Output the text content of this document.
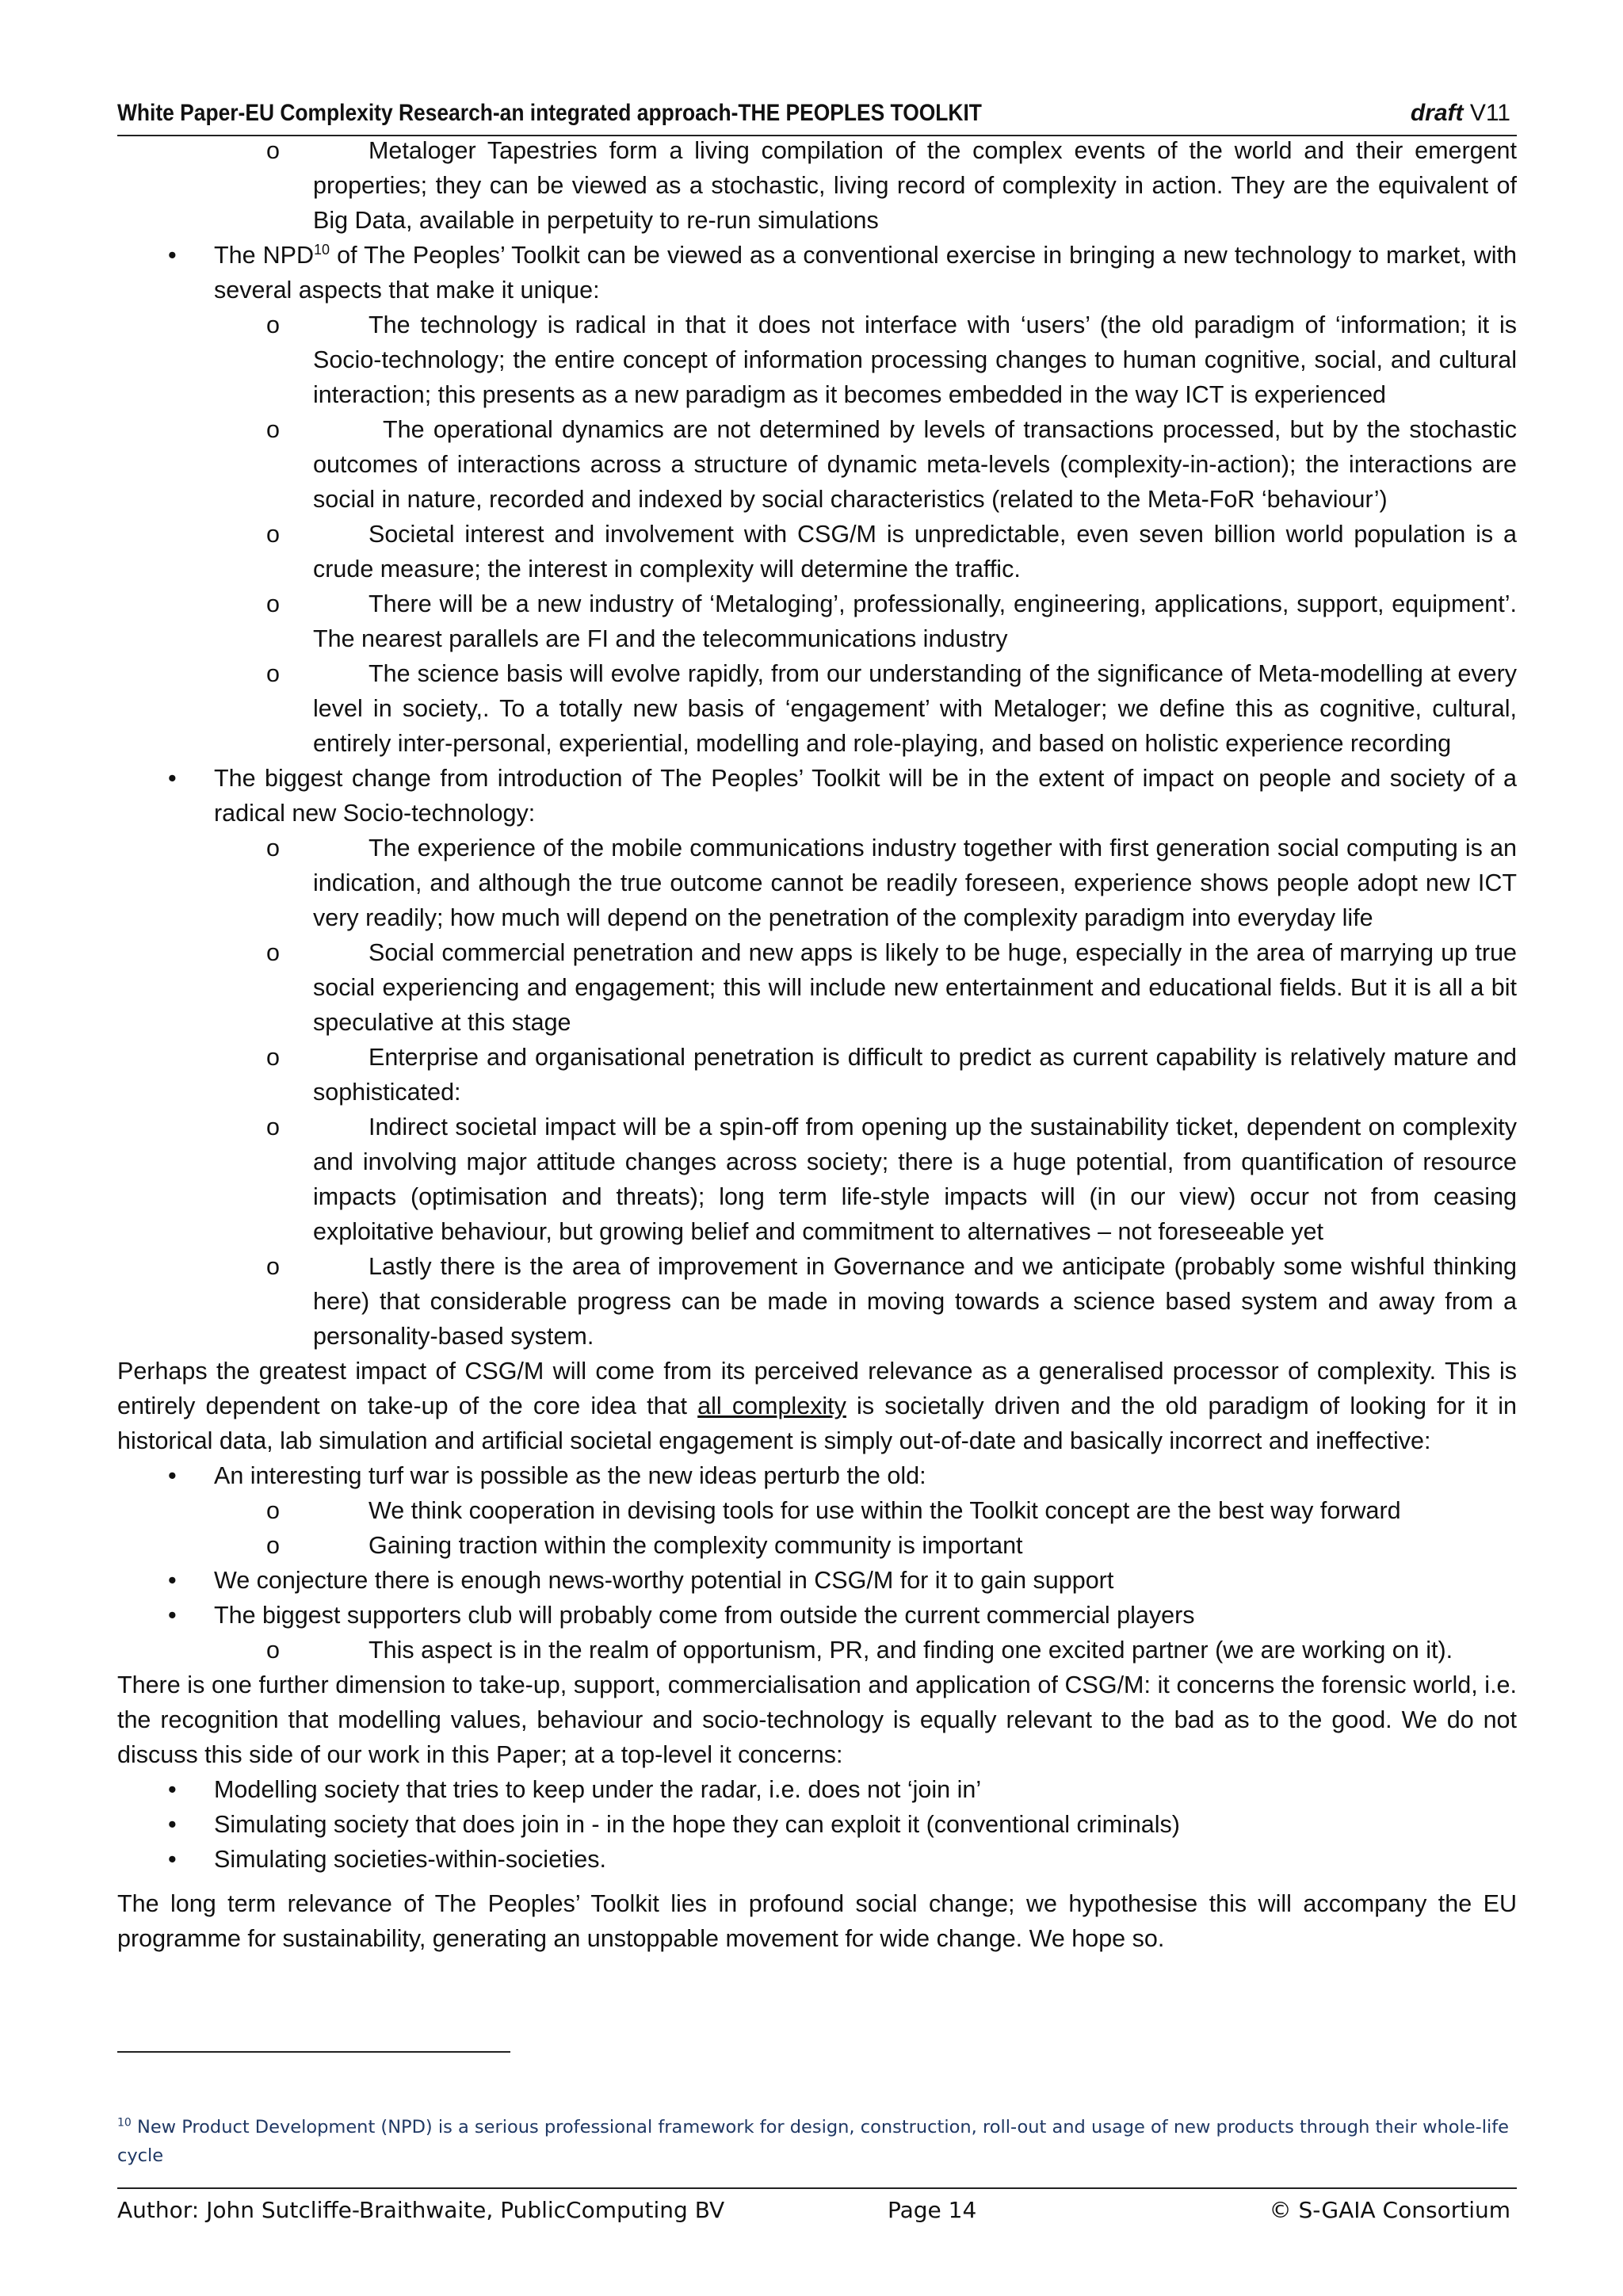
White Paper-EU Complexity Research-an integrated approach-THE PEOPLES TOOLKIT	draft V11
o	Metaloger Tapestries form a living compilation of the complex events of the world and their emergent properties; they can be viewed as a stochastic, living record of complexity in action. They are the equivalent of Big Data, available in perpetuity to re-run simulations
• The NPD$^{10}$ of The Peoples’ Toolkit can be viewed as a conventional exercise in bringing a new technology to market, with several aspects that make it unique:
o	The technology is radical in that it does not interface with ‘users’ (the old paradigm of ‘information; it is Socio-technology; the entire concept of information processing changes to human cognitive, social, and cultural interaction; this presents as a new paradigm as it becomes embedded in the way ICT is experienced
o	The operational dynamics are not determined by levels of transactions processed, but by the stochastic outcomes of interactions across a structure of dynamic meta-levels (complexity-in-action); the interactions are social in nature, recorded and indexed by social characteristics (related to the Meta-FoR ‘behaviour’)
o	Societal interest and involvement with CSG/M is unpredictable, even seven billion world population is a crude measure; the interest in complexity will determine the traffic.
o	There will be a new industry of ‘Metaloging’, professionally, engineering, applications, support, equipment’. The nearest parallels are FI and the telecommunications industry
o	The science basis will evolve rapidly, from our understanding of the significance of Meta-modelling at every level in society,. To a totally new basis of ‘engagement’ with Metaloger; we define this as cognitive, cultural, entirely inter-personal, experiential, modelling and role-playing, and based on holistic experience recording
• The biggest change from introduction of The Peoples’ Toolkit will be in the extent of impact on people and society of a radical new Socio-technology:
o	The experience of the mobile communications industry together with first generation social computing is an indication, and although the true outcome cannot be readily foreseen, experience shows people adopt new ICT very readily; how much will depend on the penetration of the complexity paradigm into everyday life
o	Social commercial penetration and new apps is likely to be huge, especially in the area of marrying up true social experiencing and engagement; this will include new entertainment and educational fields. But it is all a bit speculative at this stage
o	Enterprise and organisational penetration is difficult to predict as current capability is relatively mature and sophisticated:
o	Indirect societal impact will be a spin-off from opening up the sustainability ticket, dependent on complexity and involving major attitude changes across society; there is a huge potential, from quantification of resource impacts (optimisation and threats); long term life-style impacts will (in our view) occur not from ceasing exploitative behaviour, but growing belief and commitment to alternatives – not foreseeable yet
o	Lastly there is the area of improvement in Governance and we anticipate (probably some wishful thinking here) that considerable progress can be made in moving towards a science based system and away from a personality-based system.

Perhaps the greatest impact of CSG/M will come from its perceived relevance as a generalised processor of complexity. This is entirely dependent on take-up of the core idea that all complexity is societally driven and the old paradigm of looking for it in historical data, lab simulation and artificial societal engagement is simply out-of-date and basically incorrect and ineffective:

• An interesting turf war is possible as the new ideas perturb the old:
o	We think cooperation in devising tools for use within the Toolkit concept are the best way forward
o	Gaining traction within the complexity community is important
• We conjecture there is enough news-worthy potential in CSG/M for it to gain support
• The biggest supporters club will probably come from outside the current commercial players
o	This aspect is in the realm of opportunism, PR, and finding one excited partner (we are working on it).

There is one further dimension to take-up, support, commercialisation and application of CSG/M: it concerns the forensic world, i.e. the recognition that modelling values, behaviour and socio-technology is equally relevant to the bad as to the good. We do not discuss this side of our work in this Paper; at a top-level it concerns:

• Modelling society that tries to keep under the radar, i.e. does not ‘join in’
• Simulating society that does join in - in the hope they can exploit it (conventional criminals)
• Simulating societies-within-societies.

The long term relevance of The Peoples’ Toolkit lies in profound social change; we hypothesise this will accompany the EU programme for sustainability, generating an unstoppable movement for wide change. We hope so.

$^{10}$ New Product Development (NPD) is a serious professional framework for design, construction, roll-out and usage of new products through their whole-life cycle
Author: John Sutcliffe-Braithwaite, PublicComputing BV	Page 14	© S-GAIA Consortium
